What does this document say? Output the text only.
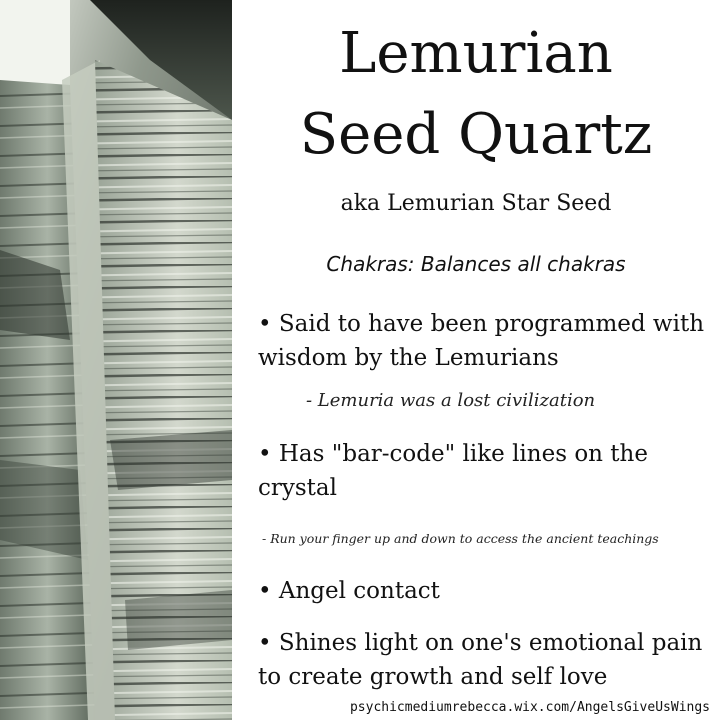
Lemurian
Seed Quartz
aka Lemurian Star Seed
Chakras: Balances all chakras
• Said to have been programmed with wisdom by the Lemurians
- Lemuria was a lost civilization
• Has "bar-code" like lines on the crystal
- Run your finger up and down to access the ancient teachings
• Angel contact
• Shines light on one's emotional pain to create growth and self love
psychicmediumrebecca.wix.com/AngelsGiveUsWings
